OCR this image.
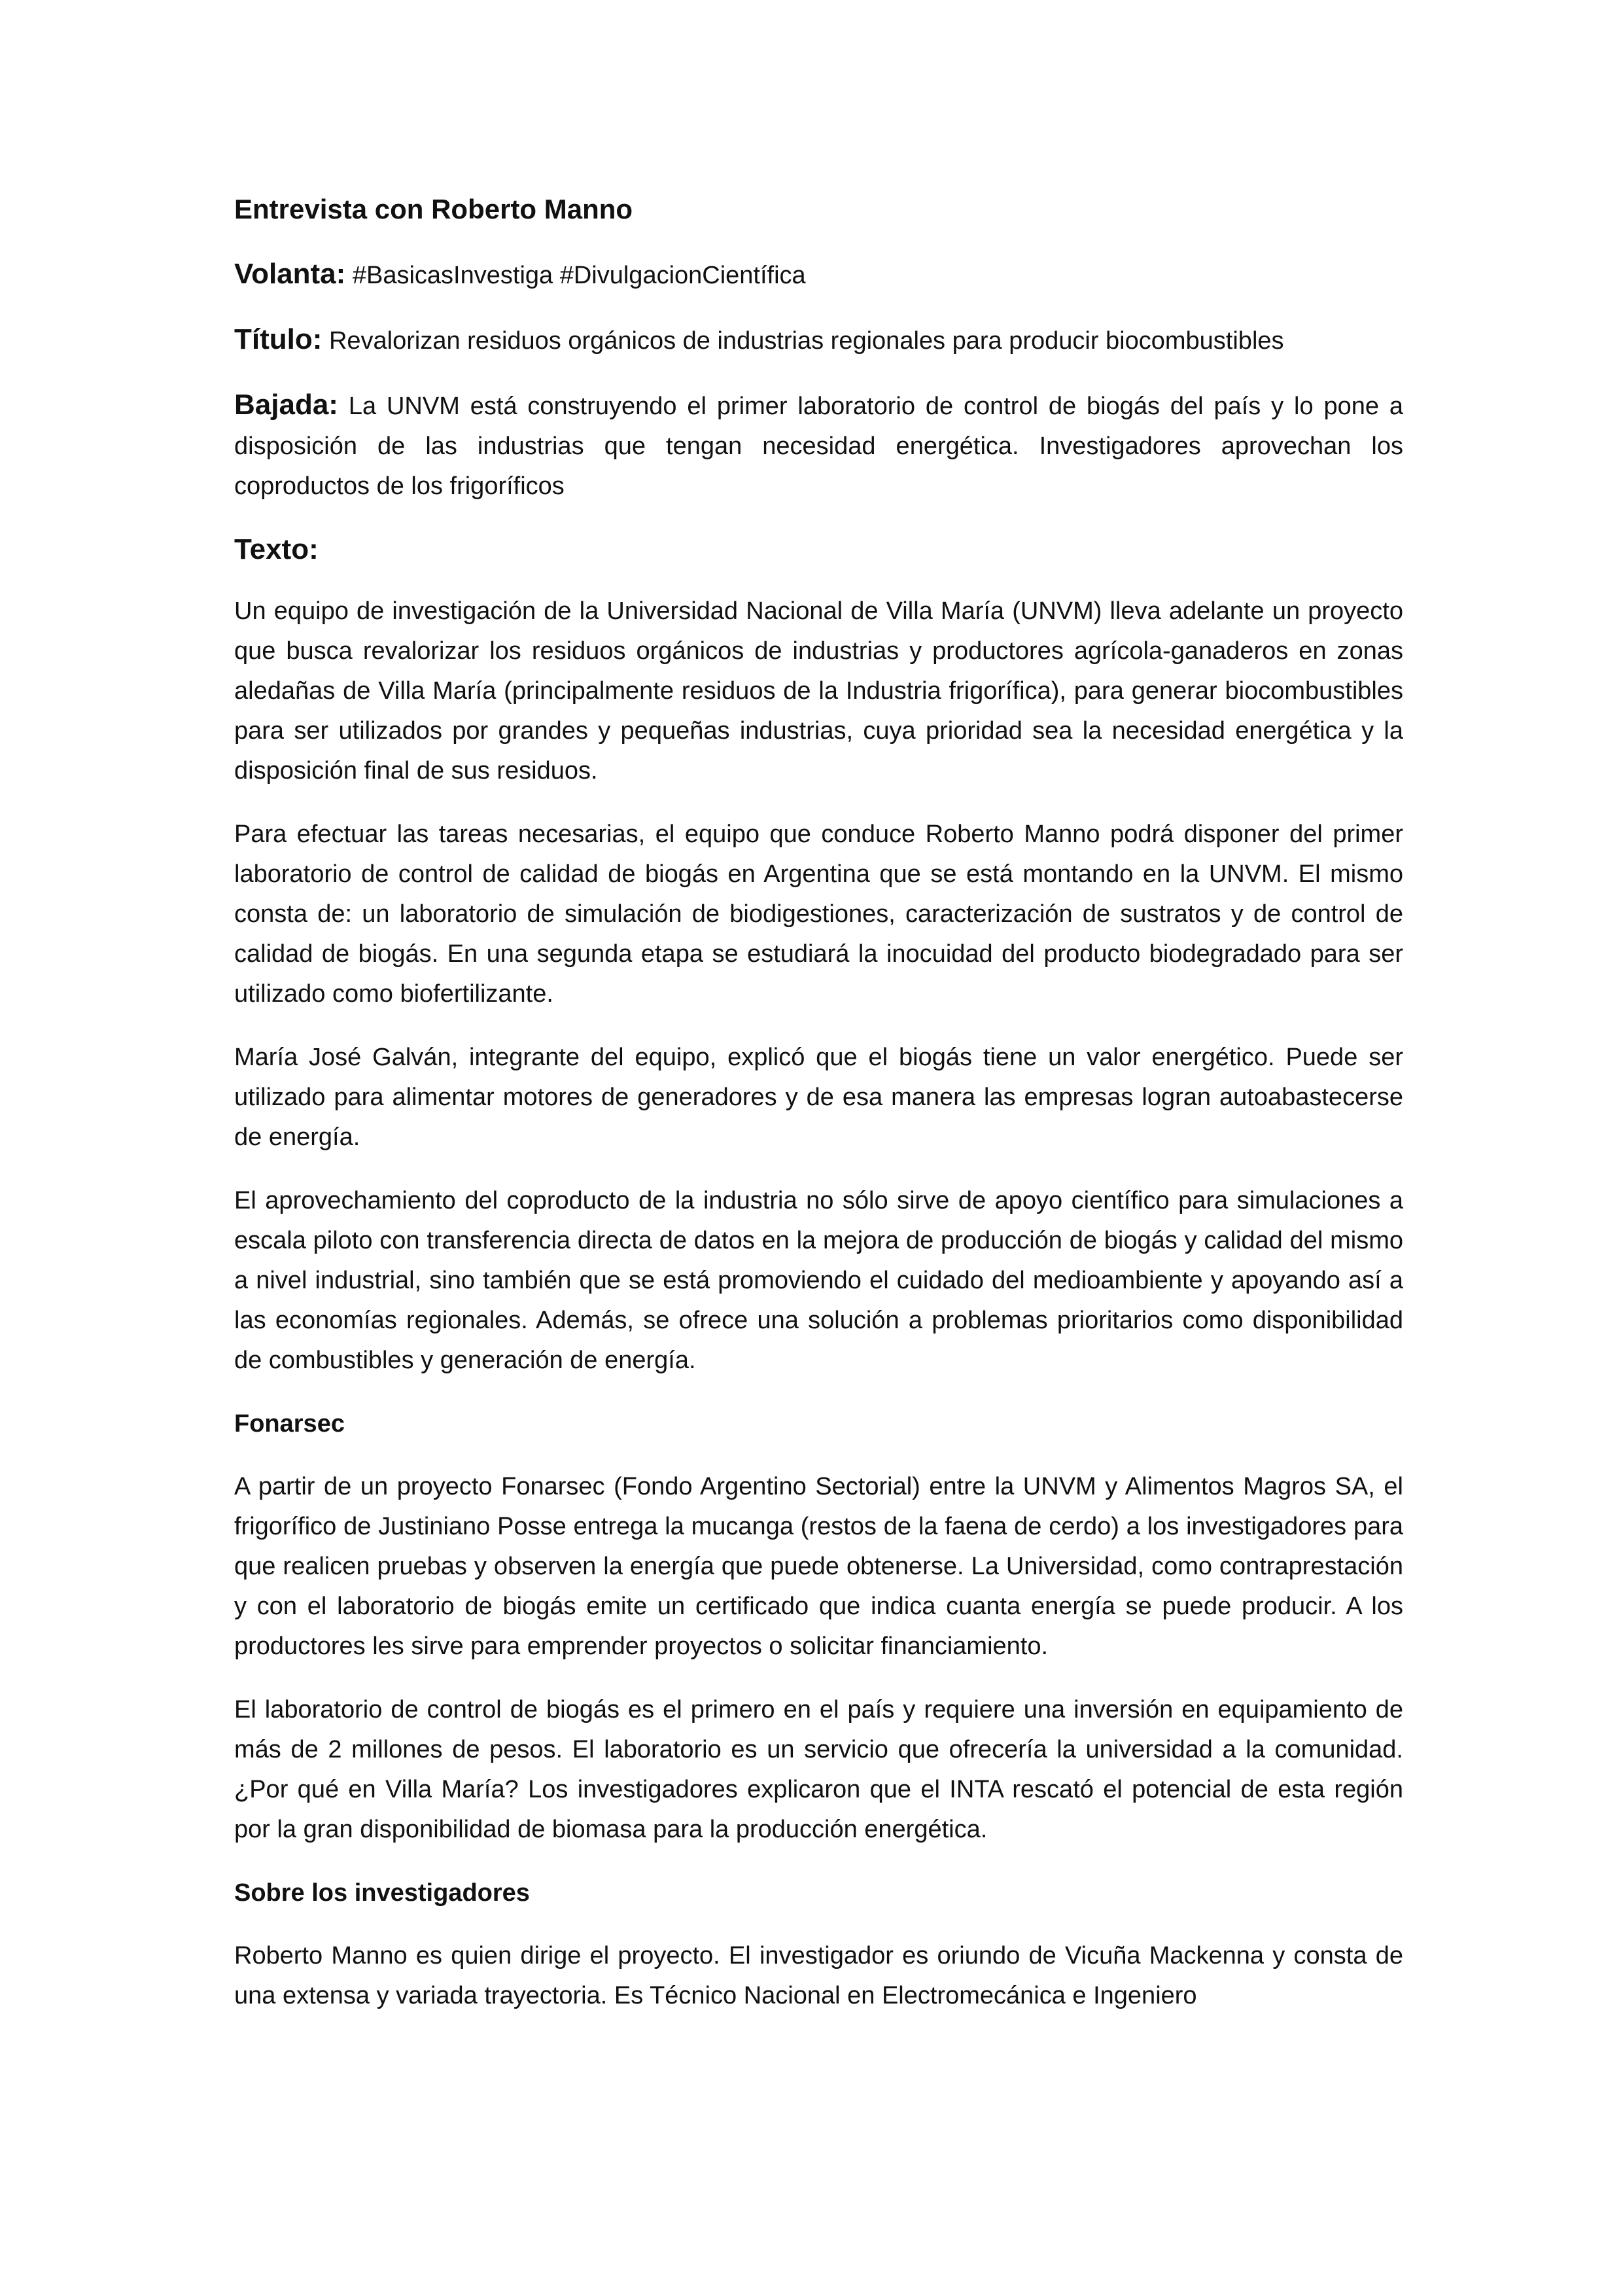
Entrevista con Roberto Manno
Volanta: #BasicasInvestiga #DivulgacionCientífica
Título: Revalorizan residuos orgánicos de industrias regionales para producir biocombustibles
Bajada: La UNVM está construyendo el primer laboratorio de control de biogás del país y lo pone a disposición de las industrias que tengan necesidad energética. Investigadores aprovechan los coproductos de los frigoríficos
Texto:

Un equipo de investigación de la Universidad Nacional de Villa María (UNVM) lleva adelante un proyecto que busca revalorizar los residuos orgánicos de industrias y productores agrícola-ganaderos en zonas aledañas de Villa María (principalmente residuos de la Industria frigorífica), para generar biocombustibles para ser utilizados por grandes y pequeñas industrias, cuya prioridad sea la necesidad energética y la disposición final de sus residuos.

Para efectuar las tareas necesarias, el equipo que conduce Roberto Manno podrá disponer del primer laboratorio de control de calidad de biogás en Argentina que se está montando en la UNVM. El mismo consta de: un laboratorio de simulación de biodigestiones, caracterización de sustratos y de control de calidad de biogás. En una segunda etapa se estudiará la inocuidad del producto biodegradado para ser utilizado como biofertilizante.

María José Galván, integrante del equipo, explicó que el biogás tiene un valor energético. Puede ser utilizado para alimentar motores de generadores y de esa manera las empresas logran autoabastecerse de energía.

El aprovechamiento del coproducto de la industria no sólo sirve de apoyo científico para simulaciones a escala piloto con transferencia directa de datos en la mejora de producción de biogás y calidad del mismo a nivel industrial, sino también que se está promoviendo el cuidado del medioambiente y apoyando así a las economías regionales. Además, se ofrece una solución a problemas prioritarios como disponibilidad de combustibles y generación de energía.

Fonarsec

A partir de un proyecto Fonarsec (Fondo Argentino Sectorial) entre la UNVM y Alimentos Magros SA, el frigorífico de Justiniano Posse entrega la mucanga (restos de la faena de cerdo) a los investigadores para que realicen pruebas y observen la energía que puede obtenerse. La Universidad, como contraprestación y con el laboratorio de biogás emite un certificado que indica cuanta energía se puede producir. A los productores les sirve para emprender proyectos o solicitar financiamiento.

El laboratorio de control de biogás es el primero en el país y requiere una inversión en equipamiento de más de 2 millones de pesos. El laboratorio es un servicio que ofrecería la universidad a la comunidad. ¿Por qué en Villa María? Los investigadores explicaron que el INTA rescató el potencial de esta región por la gran disponibilidad de biomasa para la producción energética.

Sobre los investigadores

Roberto Manno es quien dirige el proyecto. El investigador es oriundo de Vicuña Mackenna y consta de una extensa y variada trayectoria. Es Técnico Nacional en Electromecánica e Ingeniero
